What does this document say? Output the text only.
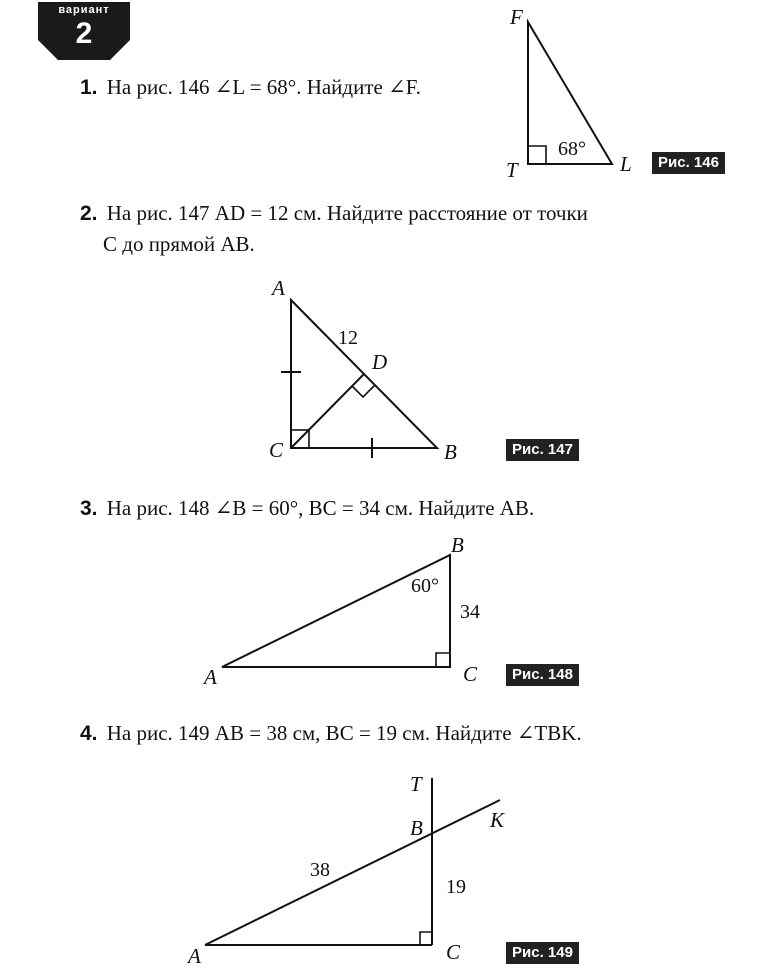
вариант
2

1. На рис. 146 ∠L = 68°. Найдите ∠F.

2. На рис. 147 AD = 12 см. Найдите расстояние от точки

C до прямой AB.

3. На рис. 148 ∠B = 60°, BC = 34 см. Найдите AB.

4. На рис. 149 AB = 38 см, BC = 19 см. Найдите ∠TBK.

F
T	L
68°
Рис. 146
A
C	B
D
12
Рис. 147
A
B
C
60°
34
Рис. 148
T
K
B
A	C
38
19
Рис. 149
